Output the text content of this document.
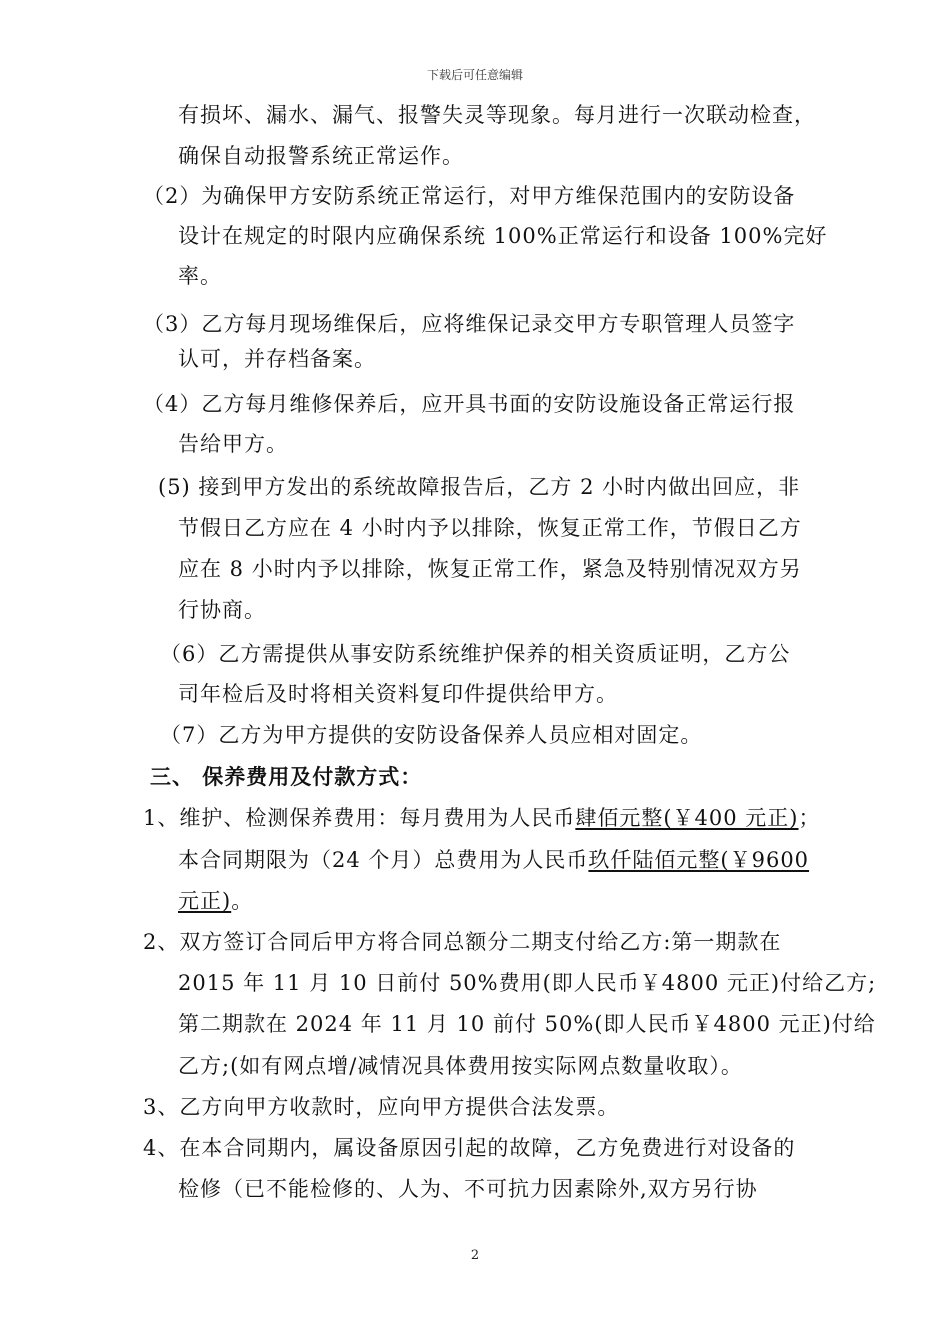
下载后可任意编辑
有损坏、漏水、漏气、报警失灵等现象。每月进行一次联动检查，
确保自动报警系统正常运作。
（2）为确保甲方安防系统正常运行，对甲方维保范围内的安防设备
设计在规定的时限内应确保系统 100%正常运行和设备 100%完好
率。
（3）乙方每月现场维保后，应将维保记录交甲方专职管理人员签字
认可，并存档备案。
（4）乙方每月维修保养后，应开具书面的安防设施设备正常运行报
告给甲方。
(5) 接到甲方发出的系统故障报告后，乙方 2 小时内做出回应，非
节假日乙方应在 4 小时内予以排除，恢复正常工作，节假日乙方
应在 8 小时内予以排除，恢复正常工作，紧急及特别情况双方另
行协商。
（6）乙方需提供从事安防系统维护保养的相关资质证明，乙方公
司年检后及时将相关资料复印件提供给甲方。
（7）乙方为甲方提供的安防设备保养人员应相对固定。
三、 保养费用及付款方式：
1、维护、检测保养费用：每月费用为人民币肆佰元整(￥400 元正)；
本合同期限为（24 个月）总费用为人民币玖仟陆佰元整(￥9600
元正)。
2、双方签订合同后甲方将合同总额分二期支付给乙方:第一期款在
2015 年 11 月 10 日前付 50%费用(即人民币￥4800 元正)付给乙方;
第二期款在 2024 年 11 月 10 前付 50%(即人民币￥4800 元正)付给
乙方;(如有网点增/减情况具体费用按实际网点数量收取）。
3、乙方向甲方收款时，应向甲方提供合法发票。
4、在本合同期内，属设备原因引起的故障，乙方免费进行对设备的
检修（已不能检修的、人为、不可抗力因素除外,双方另行协
2
